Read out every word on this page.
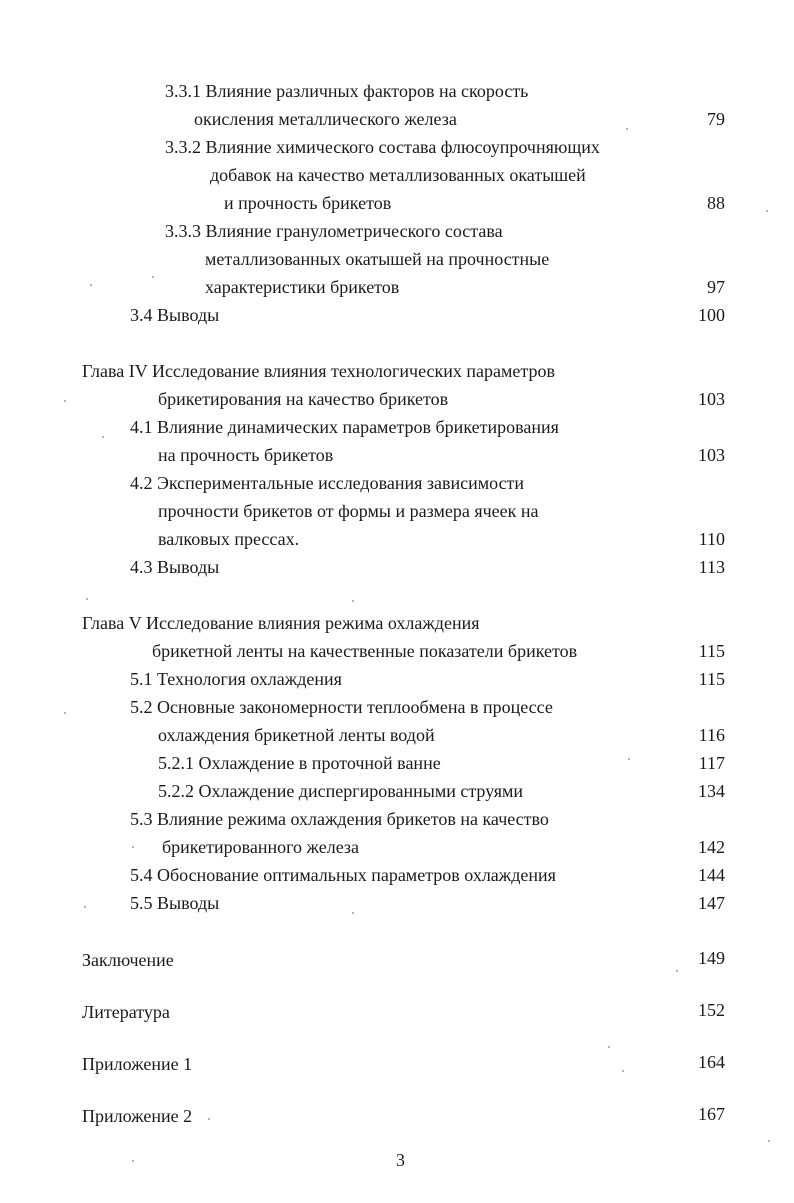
3.3.1 Влияние различных факторов на скорость
окисления металлического железа	79
3.3.2 Влияние химического состава флюсоупрочняющих
добавок на качество металлизованных окатышей
и прочность брикетов	88
3.3.3 Влияние гранулометрического состава
металлизованных окатышей на прочностные
характеристики брикетов	97
3.4 Выводы	100
Глава IV Исследование влияния технологических параметров
брикетирования на качество брикетов	103
4.1 Влияние динамических параметров брикетирования
на прочность брикетов	103
4.2 Экспериментальные исследования зависимости
прочности брикетов от формы и размера ячеек на
валковых прессах.	110
4.3 Выводы	113
Глава V Исследование влияния режима охлаждения
брикетной ленты на качественные показатели брикетов	115
5.1 Технология охлаждения	115
5.2 Основные закономерности теплообмена в процессе
охлаждения брикетной ленты водой	116
5.2.1 Охлаждение в проточной ванне	117
5.2.2 Охлаждение диспергированными струями	134
5.3 Влияние режима охлаждения брикетов на качество
брикетированного железа	142
5.4 Обоснование оптимальных параметров охлаждения	144
5.5 Выводы	147
Заключение	149
Литература	152
Приложение 1	164
Приложение 2	167
3
